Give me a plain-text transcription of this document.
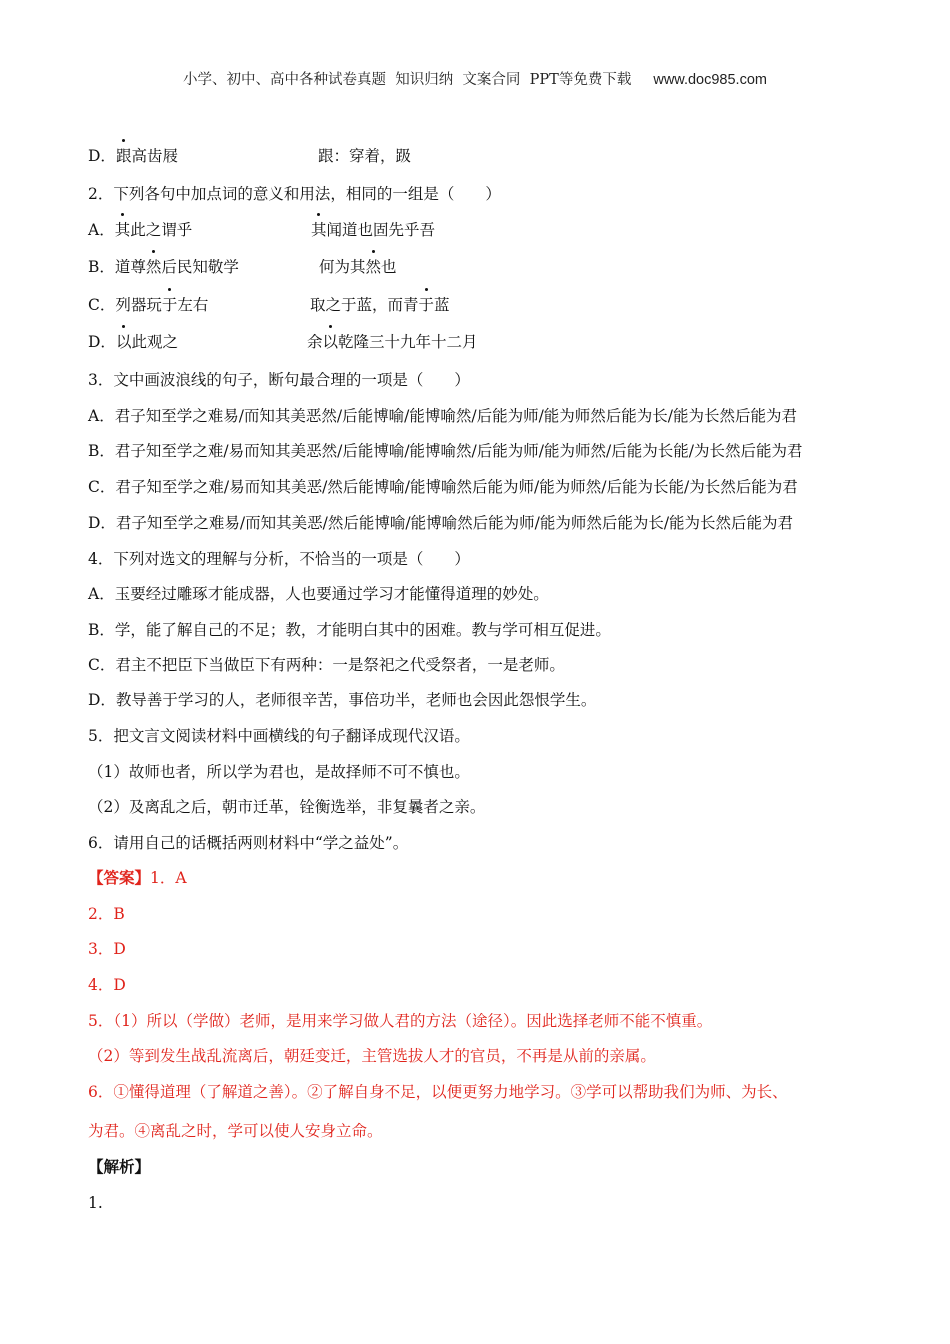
小学、初中、高中各种试卷真题  知识归纳  文案合同  PPT等免费下载 www.doc985.com
D．跟高齿屐	跟：穿着，趿
2．下列各句中加点词的意义和用法，相同的一组是（　　）
A．其此之谓乎	其闻道也固先乎吾
B．道尊然后民知敬学	何为其然也
C．列器玩于左右	取之于蓝，而青于蓝
D．以此观之	余以乾隆三十九年十二月
3．文中画波浪线的句子，断句最合理的一项是（　　）
A．君子知至学之难易/而知其美恶然/后能博喻/能博喻然/后能为师/能为师然后能为长/能为长然后能为君
B．君子知至学之难/易而知其美恶然/后能博喻/能博喻然/后能为师/能为师然/后能为长能/为长然后能为君
C．君子知至学之难/易而知其美恶/然后能博喻/能博喻然后能为师/能为师然/后能为长能/为长然后能为君
D．君子知至学之难易/而知其美恶/然后能博喻/能博喻然后能为师/能为师然后能为长/能为长然后能为君
4．下列对选文的理解与分析，不恰当的一项是（　　）
A．玉要经过雕琢才能成器，人也要通过学习才能懂得道理的妙处。
B．学，能了解自己的不足；教，才能明白其中的困难。教与学可相互促进。
C．君主不把臣下当做臣下有两种：一是祭祀之代受祭者，一是老师。
D．教导善于学习的人，老师很辛苦，事倍功半，老师也会因此怨恨学生。
5．把文言文阅读材料中画横线的句子翻译成现代汉语。
（1）故师也者，所以学为君也，是故择师不可不慎也。
（2）及离乱之后，朝市迁革，铨衡选举，非复曩者之亲。
6．请用自己的话概括两则材料中“学之益处”。
【答案】1．A
2．B
3．D
4．D
5．（1）所以（学做）老师，是用来学习做人君的方法（途径）。因此选择老师不能不慎重。
（2）等到发生战乱流离后，朝廷变迁，主管选拔人才的官员，不再是从前的亲属。
6．①懂得道理（了解道之善）。②了解自身不足，以便更努力地学习。③学可以帮助我们为师、为长、
为君。④离乱之时，学可以使人安身立命。
【解析】
1.
